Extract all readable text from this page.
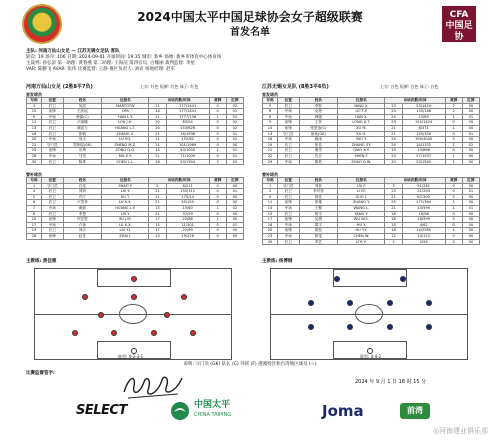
2024中国太平中国足球协会女子超级联赛
首发名单
CFA
中国足协
主队: 河南万仙山女足 — 江苏无锡女足队 客队
轮次: 19 场序: 106 日期: 2024-09-01 开球时间: 19:35 城市: 新乡 场地: 新乡市体育中心体育场
主裁判: 孙弘添 第一助理: 黄春燕 第二助理: 王海洁 第四官员: 白娜丽 裁判监督: 李星
VAR: 陈鹏飞 AVAR: 张伟 比赛监督: 王静 赛区负责人: 刘岩 场地经理: 赵军
河南万仙山女足 (2胜8平7负)	江苏无锡女足队 (8胜3平6负)
上衣: 红色 短裤: 红色 袜子: 红色	上衣: 白色 短裤: 白色 袜子: 白色
首发球员	首发球员
号码	位置	姓名	注册名	出场次数/时间		黄牌	红牌
3	后卫	吴凯	MARTOTW	21	177/1441	0	02
15	前锋	王欣瑶	OPA	14	177/1441	0	01
9	中场	韩露(C)	HAN L.Y.	21	1777/136	1	01
12	后卫	卢丽娜	LOU J.H.	20	83/54	0	02
13	后卫	黄凯力	HUANG L.T.	20	153/626	0	02
16	后卫	张帆	ZHANG X.	21	16/1936	0	01
20	中场	刘文	LU Y.Q.	11	152/62	0	02
22	守门员	郑彤瑶(GK)	ZHENG M.Z.	21	101/1969	0	00
25	前锋	宗琦	ZONG Q.Q.	14	50/1000	1	01
26	中场	马雪	MA X.Y.	21	71/1009	0	01
30	后卫	陈珠	CHEN L.L.	16	20/1344	2	00
号码	位置	姓名	注册名	出场次数/时间		黄牌	红牌
5	后卫	李影	YANG X.	23	20/1424	2	00
6	中场	克特	OC T.Y.	23	155/146	2	00
8	中场	韩妮	HAN X.	24	13/89	1	01
9	前锋	王菲	LONG X.T.	23	155/1424	0	00
10	前锋	张思怡(C)	XU M.	21	8/371	1	00
13	守门员	徐欢(GK)	XU H.	21	155/330	0	01
16	中场	姚雨	YAO Y.	24	190/4040	0	00
19	后卫	张佳	ZHANG Y.Y.	24	14/1332	1	02
21	后卫	秦雪	QIAO X.Y.	19	13/866	0	00
22	后卫	沈芬	SHEN F.	23	27/1937	1	00
29	中场	胡秋	ZHAO Q.W.	20	20/1540	1	00
替补球员	替补球员
号码	位置	姓名	注册名	出场次数/时间		黄牌	红牌
1	守门员	石泓	SHAO Y.	2	8/211	0	00
4	后卫	刘妍	LIU Y.	21	155/311	0	01
5	后卫	许汀	XU T.	21	175/14	0	00
6	后卫	卢雪菲	LU X.X.	21	35/159	0	00
7	中场	黄丽	HUANG L.Y.	15	15/60	1	02
8	后卫	李思	LIS.Y.	21	37/59	0	00
10	前锋	许佳恩	XU J.M.	17	22/88	1	00
17	中场	卢扬	LU X.X.	15	11/301	0	01
19	后卫	刘沙	LIU Y.J.	17	22/69	0	00
28	前锋	赵佳	ZHAI J.	13	19/226	0	00
号码	位置	姓名	注册名	出场次数/时间		黄牌	红牌
1	守门员	刘菲	LIU F.	3	91/241	0	00
3	后卫	李可菲	LI Y.F.	23	21/293	0	01
4	后卫	郭佳	GUO J.	21	6/1200	0	00
11	前锋	张雅	ZHANG Y.	25	171/364	1	00
14	中场	王柳	WANG L.	21	14/599	1	01
15	后卫	杨宇	YANG Y.	16	10/98	0	00
17	前锋	吴渭	WU W.S.	18	18/599	0	00
18	中场	胡宇	HU Y.	15	4/62	0	00
20	前锋	胡钰	HU Y.Y.	18	14/2565	1	00
23	中场	陈雯	CHEN W.	12	14/110	0	00
30	后卫	李艺	LIYI Y.	2	2/55	0	00
主教练: 黄佳惠	主教练: 杨博钢
阵型: 4-2-3-1	阵型: 4-4-2
说明: 守门员 (GK) 队长 (C) 外援 (F) 港澳特区和台湾地区球员 (☆)
比赛监督签字:
2024 年 9 月 1 日 18 时 15 分
SELECT	中国太平
CHINA TAIPING	Joma	前湾
◎河南建业俱乐部
